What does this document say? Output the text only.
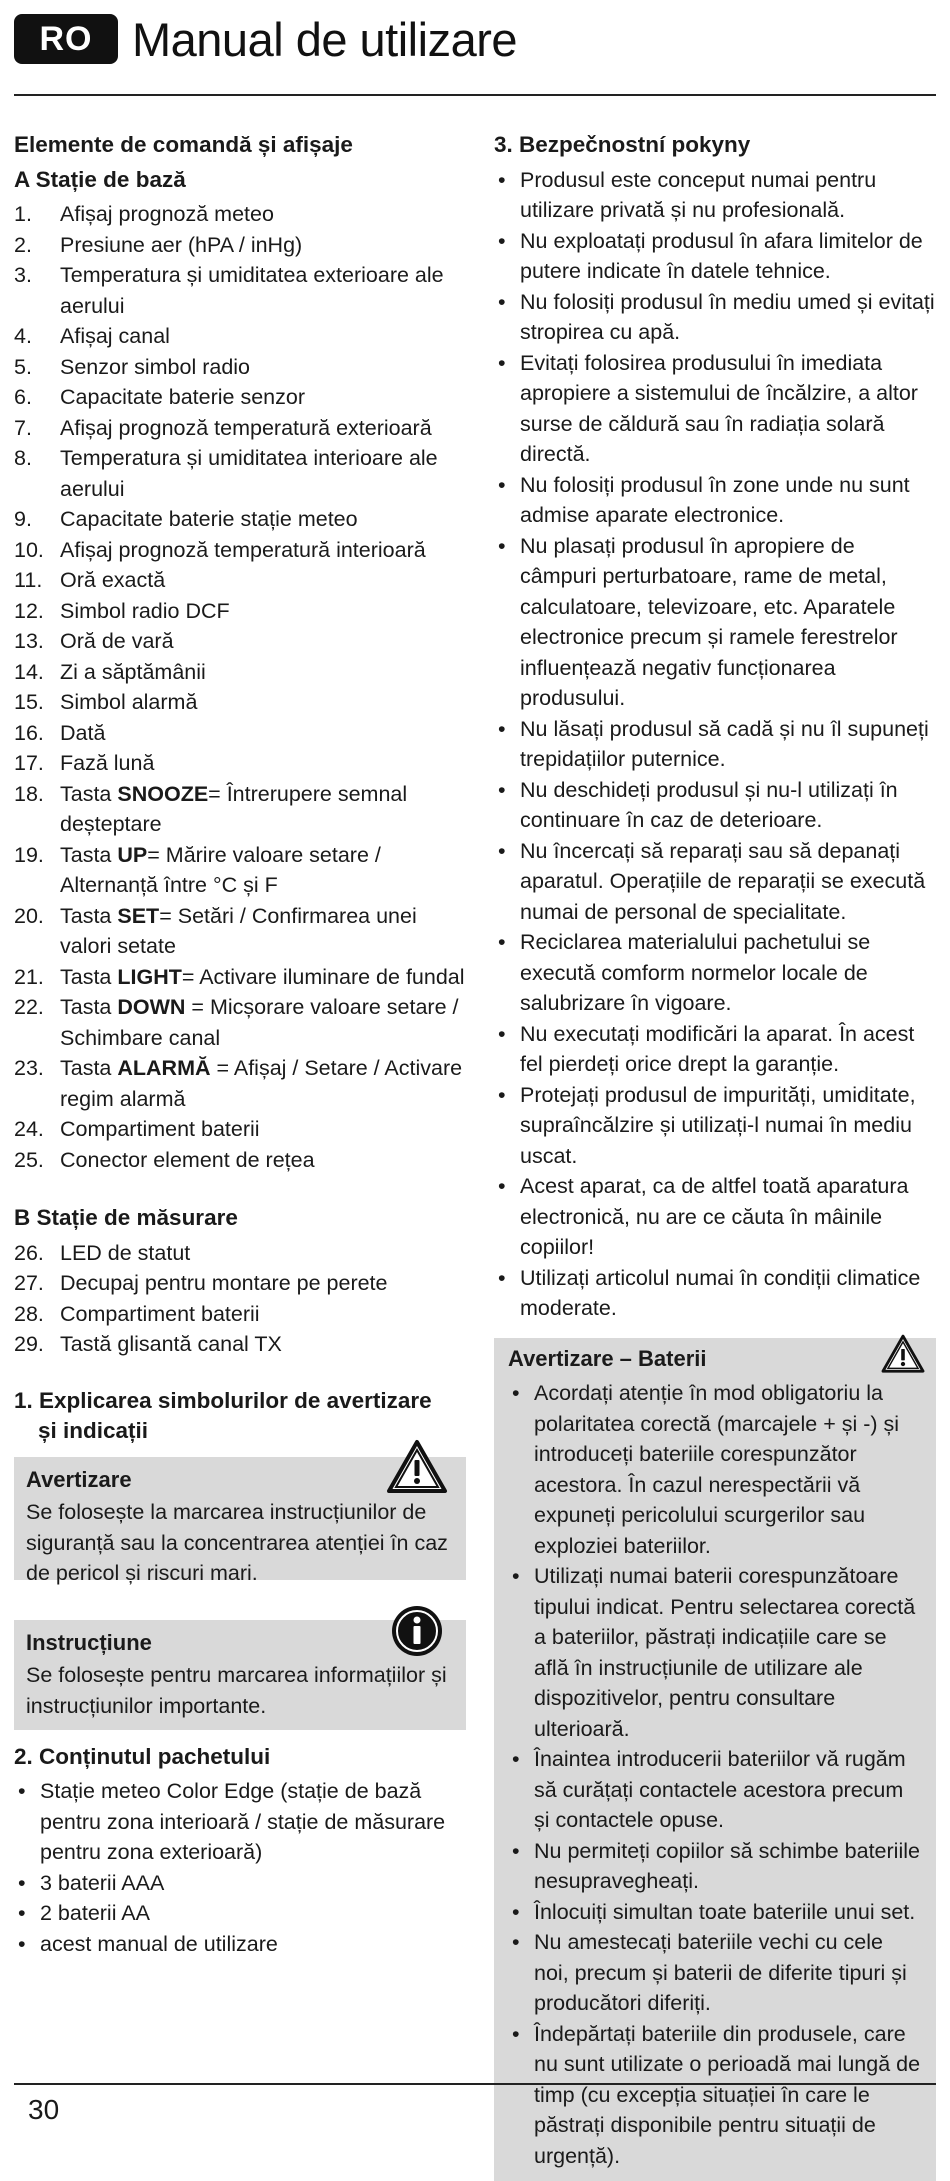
RO Manual de utilizare
Elemente de comandă și afișaje
A Stație de bază
1.	Afișaj prognoză meteo
2.	Presiune aer (hPA / inHg)
3.	Temperatura și umiditatea exterioare ale aerului
4.	Afișaj canal
5.	Senzor simbol radio
6.	Capacitate baterie senzor
7.	Afișaj prognoză temperatură exterioară
8.	Temperatura și umiditatea interioare ale aerului
9.	Capacitate baterie stație meteo
10. Afișaj prognoză temperatură interioară
11. Oră exactă
12. Simbol radio DCF
13. Oră de vară
14. Zi a săptămânii
15. Simbol alarmă
16. Dată
17. Fază lună
18. Tasta SNOOZE= Întrerupere semnal deșteptare
19. Tasta UP= Mărire valoare setare / Alternanță între °C și F
20. Tasta SET= Setări / Confirmarea unei valori setate
21. Tasta LIGHT= Activare iluminare de fundal
22. Tasta DOWN = Micșorare valoare setare / Schimbare canal
23. Tasta ALARMĂ = Afișaj / Setare / Activare regim alarmă
24. Compartiment baterii
25. Conector element de rețea
B Stație de măsurare
26. LED de statut
27. Decupaj pentru montare pe perete
28. Compartiment baterii
29. Tastă glisantă canal TX
1. Explicarea simbolurilor de avertizare
și indicații
Avertizare
Se folosește la marcarea instrucțiunilor de siguranță sau la concentrarea atenției în caz de pericol și riscuri mari.
Instrucțiune
Se folosește pentru marcarea informațiilor și instrucțiunilor importante.
2. Conținutul pachetului
• Stație meteo Color Edge (stație de bază pentru zona interioară / stație de măsurare pentru zona exterioară)
• 3 baterii AAA
• 2 baterii AA
• acest manual de utilizare
3. Bezpečnostní pokyny
• Produsul este conceput numai pentru utilizare privată și nu profesională.
• Nu exploatați produsul în afara limitelor de putere indicate în datele tehnice.
• Nu folosiți produsul în mediu umed și evitați stropirea cu apă.
• Evitați folosirea produsului în imediata apropiere a sistemului de încălzire, a altor surse de căldură sau în radiația solară directă.
• Nu folosiți produsul în zone unde nu sunt admise aparate electronice.
• Nu plasați produsul în apropiere de câmpuri perturbatoare, rame de metal, calculatoare, televizoare, etc. Aparatele electronice precum și ramele ferestrelor influențează negativ funcționarea produsului.
• Nu lăsați produsul să cadă și nu îl supuneți trepidațiilor puternice.
• Nu deschideți produsul și nu-l utilizați în continuare în caz de deterioare.
• Nu încercați să reparați sau să depanați aparatul. Operațiile de reparații se execută numai de personal de specialitate.
• Reciclarea materialului pachetului se execută comform normelor locale de salubrizare în vigoare.
• Nu executați modificări la aparat. În acest fel pierdeți orice drept la garanție.
• Protejați produsul de impurități, umiditate, supraîncălzire și utilizați-l numai în mediu uscat.
• Acest aparat, ca de altfel toată aparatura electronică, nu are ce căuta în mâinile copiilor!
• Utilizați articolul numai în condiții climatice moderate.
Avertizare – Baterii
• Acordați atenție în mod obligatoriu la polaritatea corectă (marcajele + și -) și introduceți bateriile corespunzător acestora. În cazul nerespectării vă expuneți pericolului scurgerilor sau exploziei bateriilor.
• Utilizați numai baterii corespunzătoare tipului indicat. Pentru selectarea corectă a bateriilor, păstrați indicațiile care se află în instrucțiunile de utilizare ale dispozitivelor, pentru consultare ulterioară.
• Înaintea introducerii bateriilor vă rugăm să curățați contactele acestora precum și contactele opuse.
• Nu permiteți copiilor să schimbe bateriile nesupravegheați.
• Înlocuiți simultan toate bateriile unui set.
• Nu amestecați bateriile vechi cu cele noi, precum și baterii de diferite tipuri și producători diferiți.
• Îndepărtați bateriile din produsele, care nu sunt utilizate o perioadă mai lungă de timp (cu excepția situației în care le păstrați disponibile pentru situații de urgență).
30
